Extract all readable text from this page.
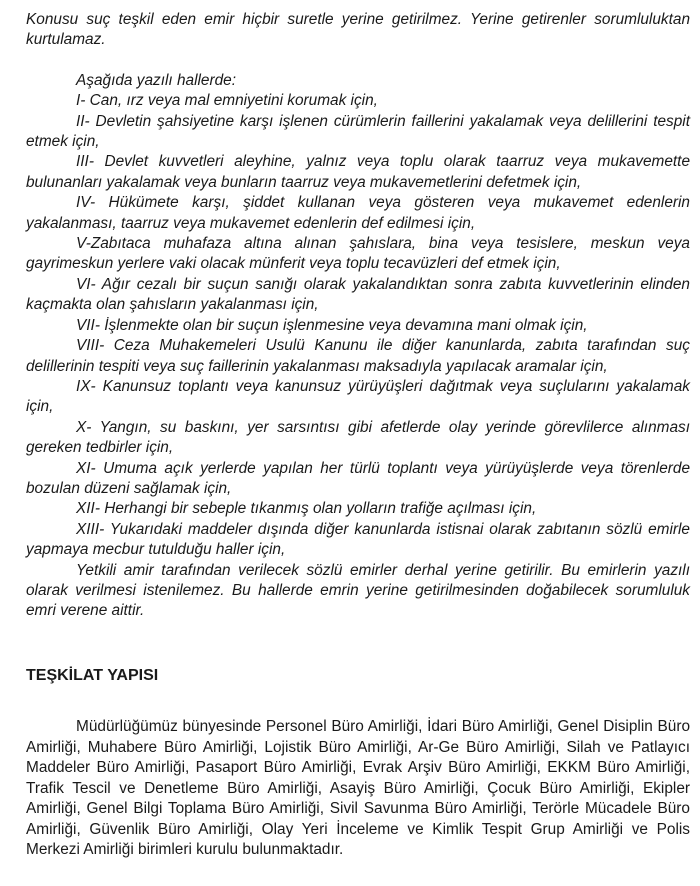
Konusu suç teşkil eden emir hiçbir suretle yerine getirilmez. Yerine getirenler sorumluluktan kurtulamaz.

Aşağıda yazılı hallerde:

I- Can, ırz veya mal emniyetini korumak için,

II- Devletin şahsiyetine karşı işlenen cürümlerin faillerini yakalamak veya delillerini tespit etmek için,

III- Devlet kuvvetleri aleyhine, yalnız veya toplu olarak taarruz veya mukavemette bulunanları yakalamak veya bunların taarruz veya mukavemetlerini defetmek için,

IV- Hükümete karşı, şiddet kullanan veya gösteren veya mukavemet edenlerin yakalanması, taarruz veya mukavemet edenlerin def edilmesi için,

V-Zabıtaca muhafaza altına alınan şahıslara, bina veya tesislere, meskun veya gayrimeskun yerlere vaki olacak münferit veya toplu tecavüzleri def etmek için,

VI- Ağır cezalı bir suçun sanığı olarak yakalandıktan sonra zabıta kuvvetlerinin elinden kaçmakta olan şahısların yakalanması için,

VII- İşlenmekte olan bir suçun işlenmesine veya devamına mani olmak için,

VIII- Ceza Muhakemeleri Usulü Kanunu ile diğer kanunlarda, zabıta tarafından suç delillerinin tespiti veya suç faillerinin yakalanması maksadıyla yapılacak aramalar için,

IX- Kanunsuz toplantı veya kanunsuz yürüyüşleri dağıtmak veya suçlularını yakalamak için,

X- Yangın, su baskını, yer sarsıntısı gibi afetlerde olay yerinde görevlilerce alınması gereken tedbirler için,

XI- Umuma açık yerlerde yapılan her türlü toplantı veya yürüyüşlerde veya törenlerde bozulan düzeni sağlamak için,

XII- Herhangi bir sebeple tıkanmış olan yolların trafiğe açılması için,

XIII- Yukarıdaki maddeler dışında diğer kanunlarda istisnai olarak zabıtanın sözlü emirle yapmaya mecbur tutulduğu haller için,

Yetkili amir tarafından verilecek sözlü emirler derhal yerine getirilir. Bu emirlerin yazılı olarak verilmesi istenilemez. Bu hallerde emrin yerine getirilmesinden doğabilecek sorumluluk emri verene aittir.

TEŞKİLAT YAPISI

Müdürlüğümüz bünyesinde Personel Büro Amirliği, İdari Büro Amirliği, Genel Disiplin Büro Amirliği, Muhabere Büro Amirliği, Lojistik Büro Amirliği, Ar-Ge Büro Amirliği, Silah ve Patlayıcı Maddeler Büro Amirliği, Pasaport Büro Amirliği, Evrak Arşiv Büro Amirliği, EKKM Büro Amirliği, Trafik Tescil ve Denetleme Büro Amirliği, Asayiş Büro Amirliği, Çocuk Büro Amirliği, Ekipler Amirliği, Genel Bilgi Toplama Büro Amirliği, Sivil Savunma Büro Amirliği, Terörle Mücadele Büro Amirliği, Güvenlik Büro Amirliği, Olay Yeri İnceleme ve Kimlik Tespit Grup Amirliği ve Polis Merkezi Amirliği birimleri kurulu bulunmaktadır.
